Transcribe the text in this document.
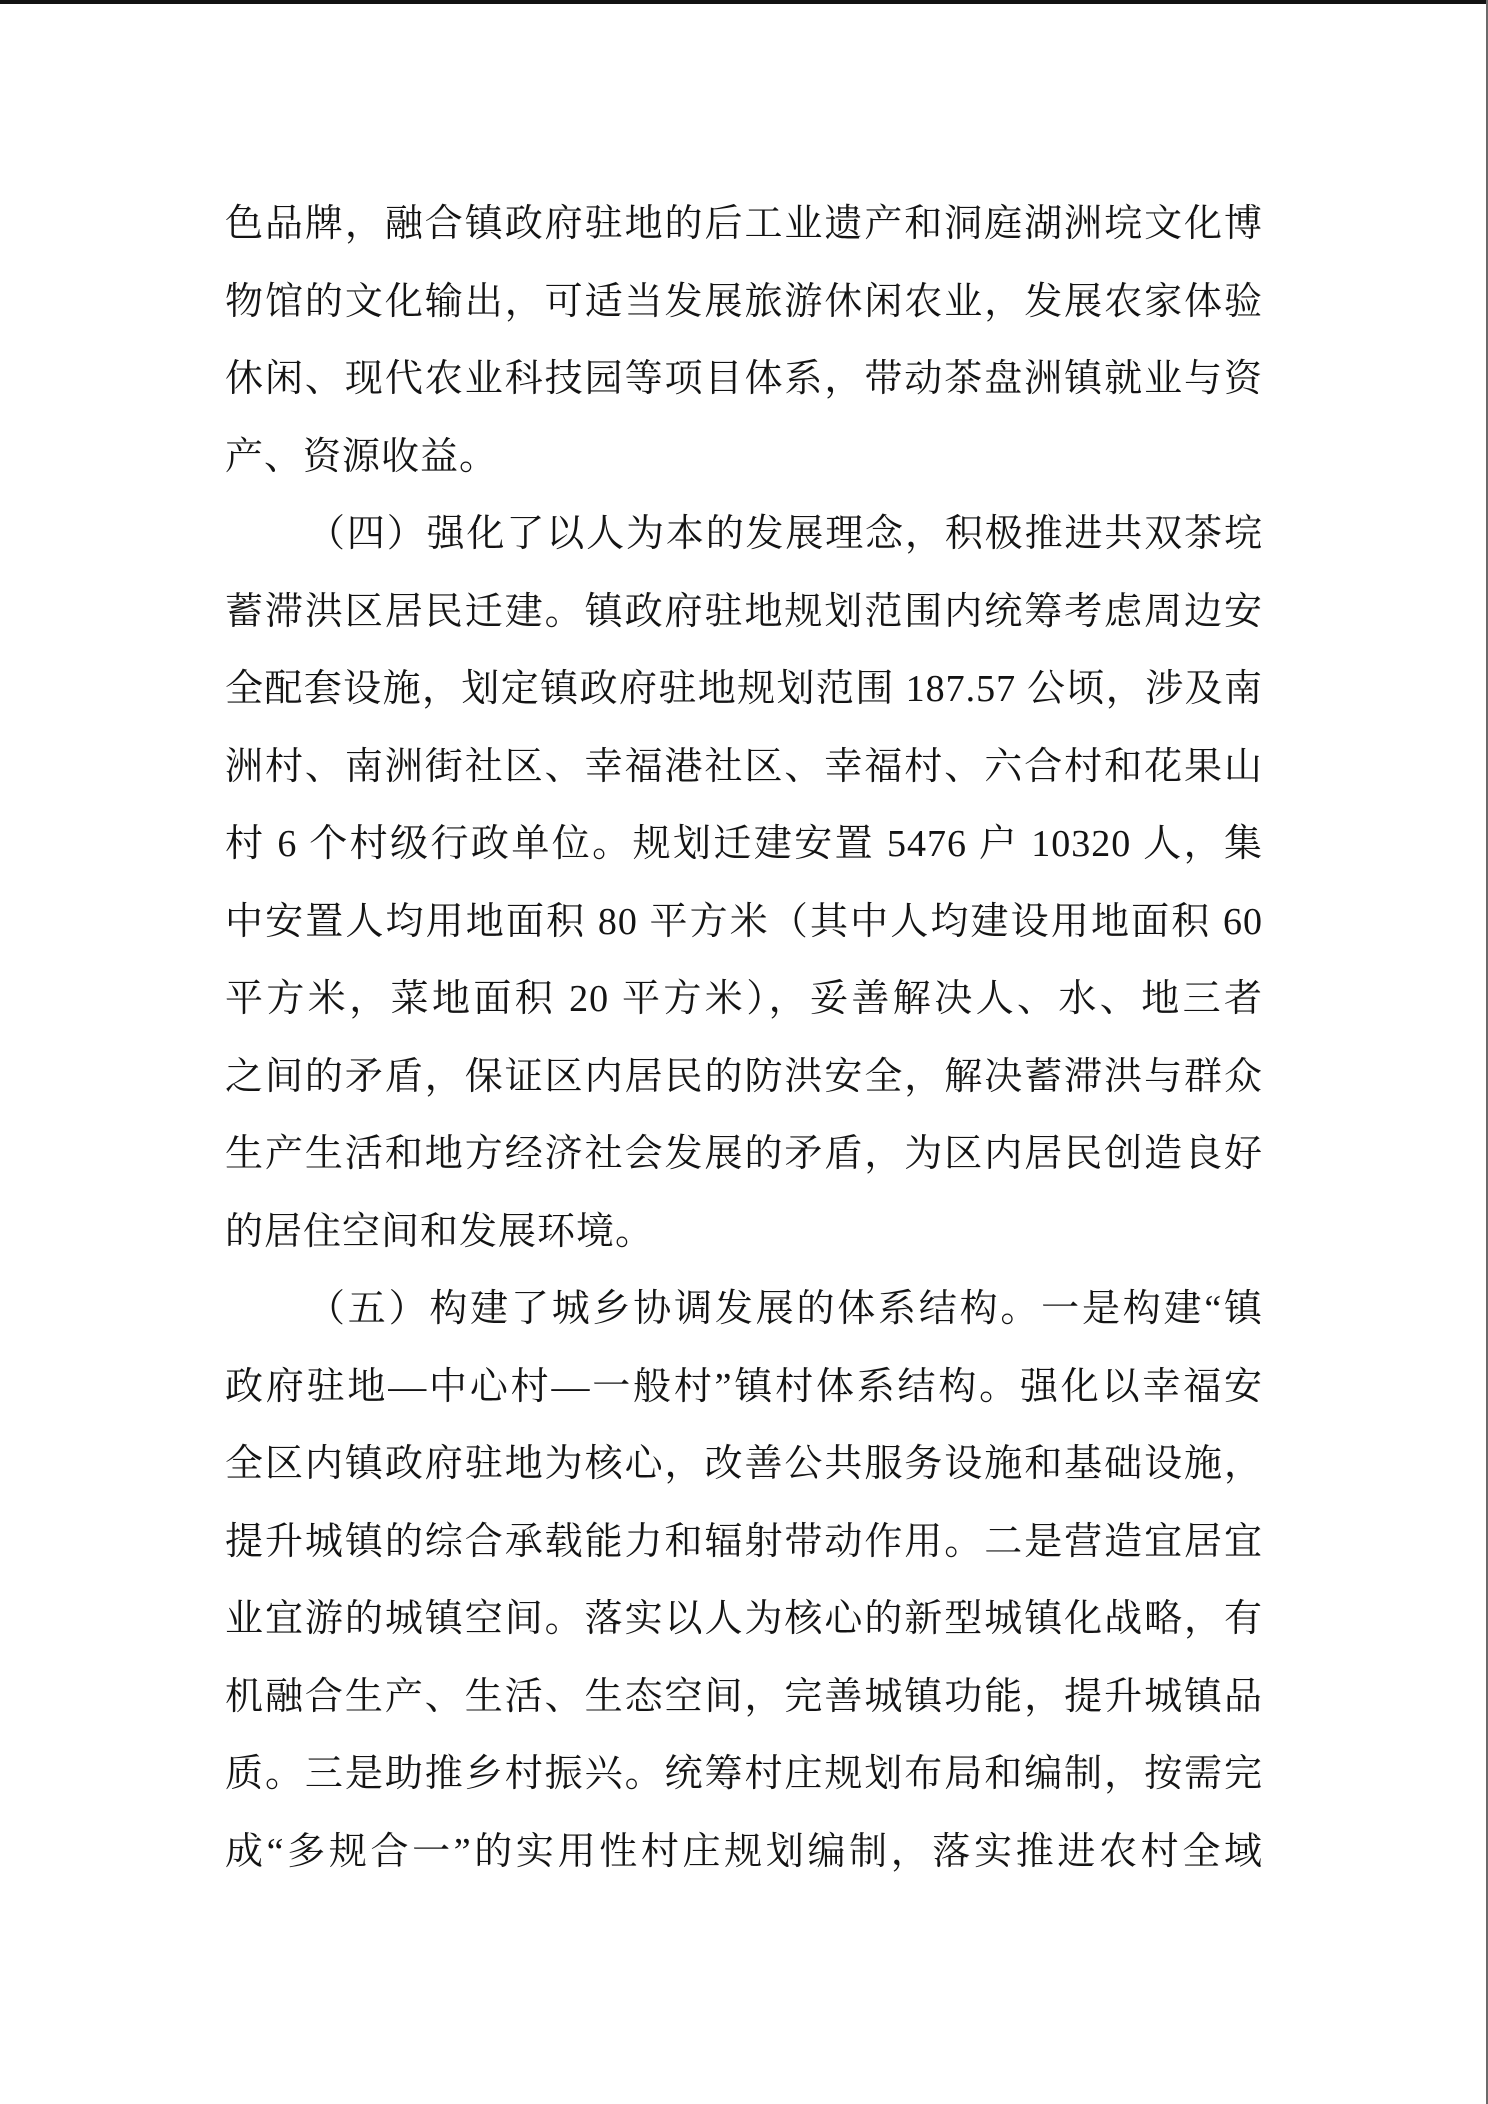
色品牌，融合镇政府驻地的后工业遗产和洞庭湖洲垸文化博
物馆的文化输出，可适当发展旅游休闲农业，发展农家体验
休闲、现代农业科技园等项目体系，带动茶盘洲镇就业与资
产、资源收益。
（四）强化了以人为本的发展理念，积极推进共双茶垸
蓄滞洪区居民迁建。镇政府驻地规划范围内统筹考虑周边安
全配套设施，划定镇政府驻地规划范围 187.57 公顷，涉及南
洲村、南洲街社区、幸福港社区、幸福村、六合村和花果山
村 6 个村级行政单位。规划迁建安置 5476 户 10320 人，集
中安置人均用地面积 80 平方米（其中人均建设用地面积 60
平方米，菜地面积 20 平方米），妥善解决人、水、地三者
之间的矛盾，保证区内居民的防洪安全，解决蓄滞洪与群众
生产生活和地方经济社会发展的矛盾，为区内居民创造良好
的居住空间和发展环境。
（五）构建了城乡协调发展的体系结构。一是构建“镇
政府驻地—中心村—一般村”镇村体系结构。强化以幸福安
全区内镇政府驻地为核心，改善公共服务设施和基础设施，
提升城镇的综合承载能力和辐射带动作用。二是营造宜居宜
业宜游的城镇空间。落实以人为核心的新型城镇化战略，有
机融合生产、生活、生态空间，完善城镇功能，提升城镇品
质。三是助推乡村振兴。统筹村庄规划布局和编制，按需完
成“多规合一”的实用性村庄规划编制，落实推进农村全域
